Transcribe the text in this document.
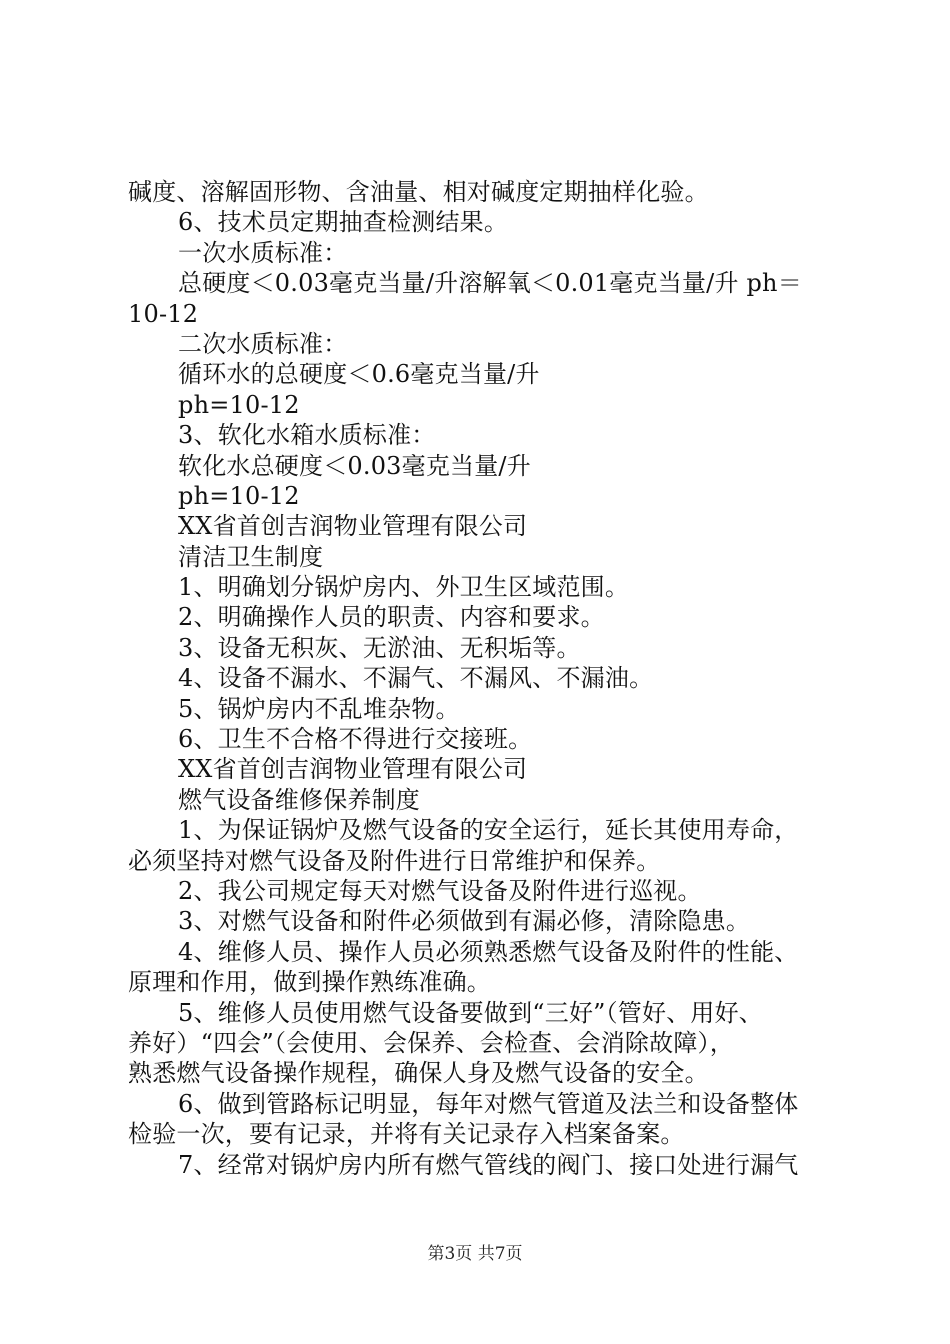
碱度、溶解固形物、含油量、相对碱度定期抽样化验。
6、技术员定期抽查检测结果。
一次水质标准：
总硬度＜0.03毫克当量/升溶解氧＜0.01毫克当量/升 ph＝
10-12
二次水质标准：
循环水的总硬度＜0.6毫克当量/升
ph=10-12
3、软化水箱水质标准：
软化水总硬度＜0.03毫克当量/升
ph=10-12
XX省首创吉润物业管理有限公司
清洁卫生制度
1、明确划分锅炉房内、外卫生区域范围。
2、明确操作人员的职责、内容和要求。
3、设备无积灰、无淤油、无积垢等。
4、设备不漏水、不漏气、不漏风、不漏油。
5、锅炉房内不乱堆杂物。
6、卫生不合格不得进行交接班。
XX省首创吉润物业管理有限公司
燃气设备维修保养制度
1、为保证锅炉及燃气设备的安全运行，延长其使用寿命，
必须坚持对燃气设备及附件进行日常维护和保养。
2、我公司规定每天对燃气设备及附件进行巡视。
3、对燃气设备和附件必须做到有漏必修，清除隐患。
4、维修人员、操作人员必须熟悉燃气设备及附件的性能、
原理和作用，做到操作熟练准确。
5、维修人员使用燃气设备要做到“三好”（管好、用好、
养好）“四会”（会使用、会保养、会检查、会消除故障），
熟悉燃气设备操作规程，确保人身及燃气设备的安全。
6、做到管路标记明显，每年对燃气管道及法兰和设备整体
检验一次，要有记录，并将有关记录存入档案备案。
7、经常对锅炉房内所有燃气管线的阀门、接口处进行漏气
第3页 共7页
